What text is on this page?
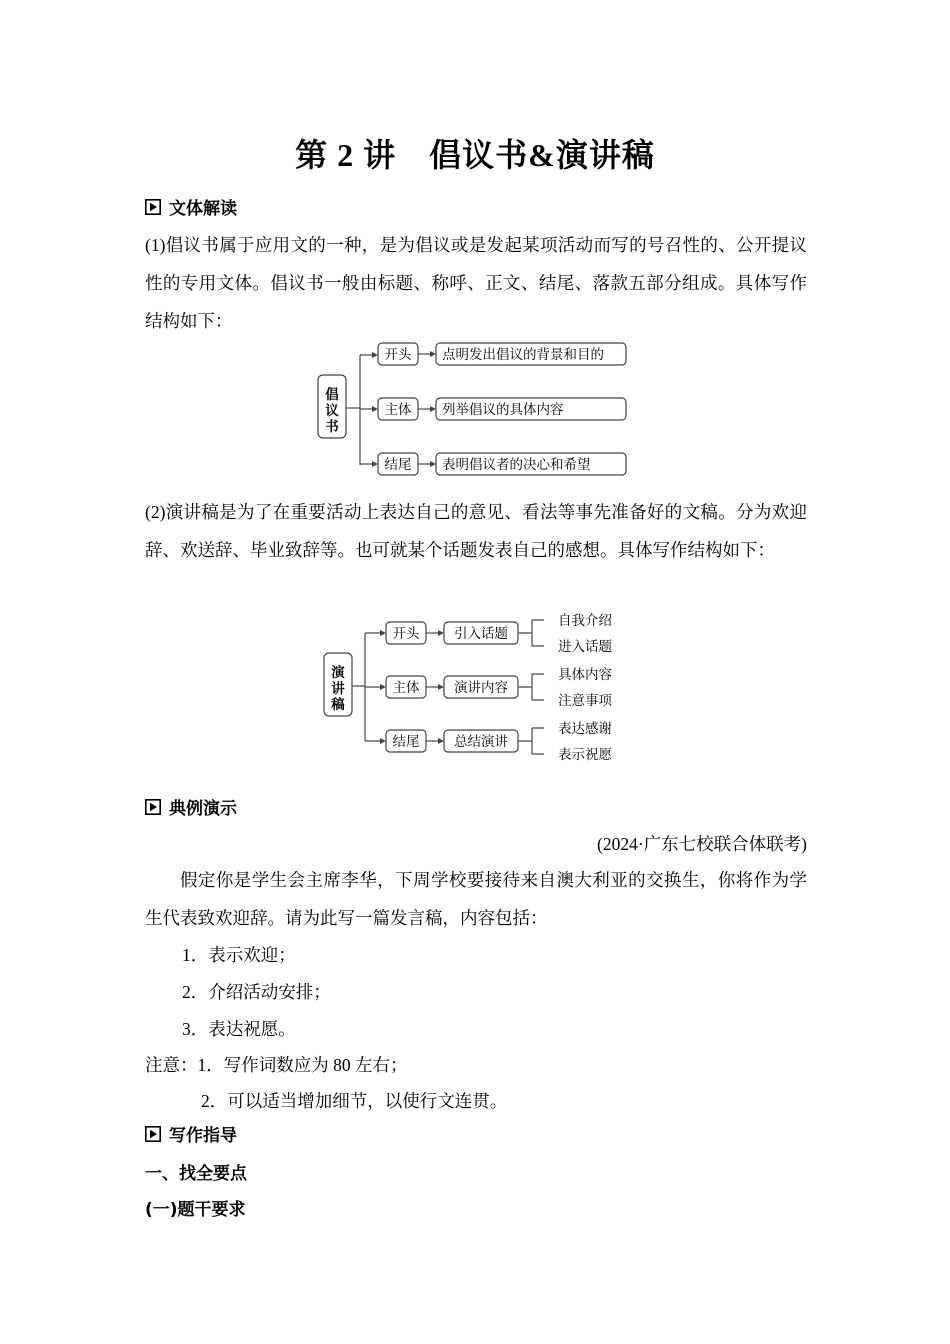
第 2 讲　倡议书&演讲稿
文体解读
(1)倡议书属于应用文的一种，是为倡议或是发起某项活动而写的号召性的、公开提议性的专用文体。倡议书一般由标题、称呼、正文、结尾、落款五部分组成。具体写作结构如下：
倡
议
书
开头
主体
结尾
点明发出倡议的背景和目的
列举倡议的具体内容
表明倡议者的决心和希望
(2)演讲稿是为了在重要活动上表达自己的意见、看法等事先准备好的文稿。分为欢迎辞、欢送辞、毕业致辞等。也可就某个话题发表自己的感想。具体写作结构如下：
演
讲
稿
开头
主体
结尾
引入话题
演讲内容
总结演讲
自我介绍
进入话题
具体内容
注意事项
表达感谢
表示祝愿
典例演示
(2024·广东七校联合体联考)
假定你是学生会主席李华，下周学校要接待来自澳大利亚的交换生，你将作为学生代表致欢迎辞。请为此写一篇发言稿，内容包括：
1．表示欢迎；
2．介绍活动安排；
3．表达祝愿。
注意：1．写作词数应为 80 左右；
2．可以适当增加细节，以使行文连贯。
写作指导
一、找全要点
(一)题干要求
